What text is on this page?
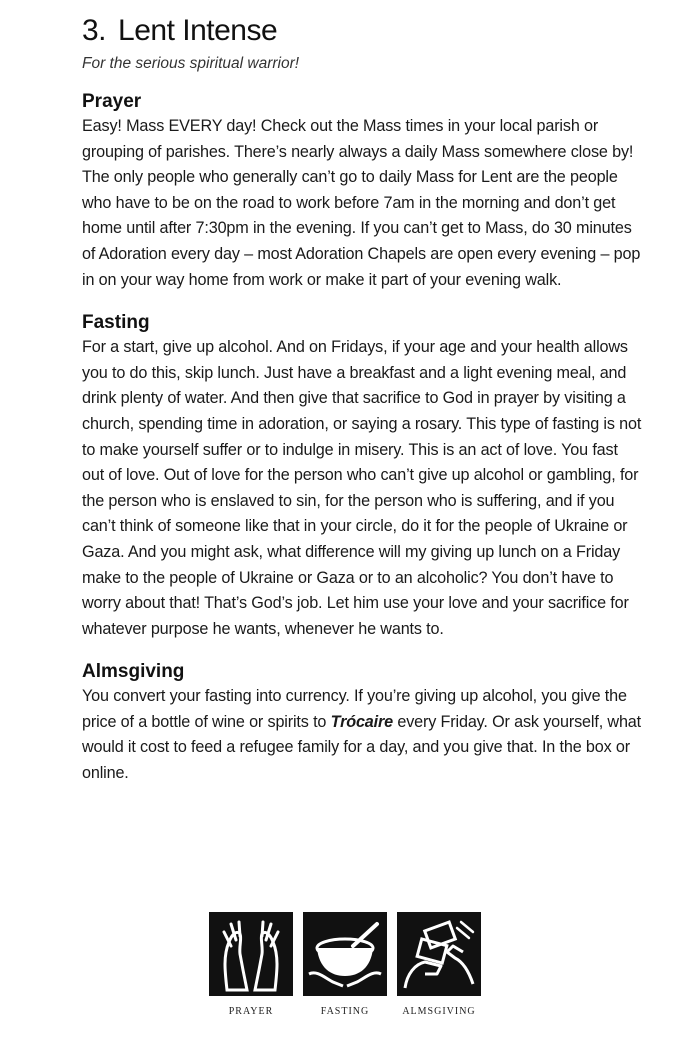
3. Lent Intense

For the serious spiritual warrior!

Prayer

Easy! Mass EVERY day! Check out the Mass times in your local parish or grouping of parishes. There’s nearly always a daily Mass somewhere close by! The only people who generally can’t go to daily Mass for Lent are the people who have to be on the road to work before 7am in the morning and don’t get home until after 7:30pm in the evening. If you can’t get to Mass, do 30 minutes of Adoration every day – most Adoration Chapels are open every evening – pop in on your way home from work or make it part of your evening walk.

Fasting

For a start, give up alcohol. And on Fridays, if your age and your health allows you to do this, skip lunch. Just have a breakfast and a light evening meal, and drink plenty of water. And then give that sacrifice to God in prayer by visiting a church, spending time in adoration, or saying a rosary. This type of fasting is not to make yourself suffer or to indulge in misery. This is an act of love. You fast out of love. Out of love for the person who can’t give up alcohol or gambling, for the person who is enslaved to sin, for the person who is suffering, and if you can’t think of someone like that in your circle, do it for the people of Ukraine or Gaza. And you might ask, what difference will my giving up lunch on a Friday make to the people of Ukraine or Gaza or to an alcoholic? You don’t have to worry about that! That’s God’s job. Let him use your love and your sacrifice for whatever purpose he wants, whenever he wants to.

Almsgiving

You convert your fasting into currency. If you’re giving up alcohol, you give the price of a bottle of wine or spirits to Trócaire every Friday. Or ask yourself, what would it cost to feed a refugee family for a day, and you give that. In the box or online.

PRAYER	FASTING	ALMSGIVING
